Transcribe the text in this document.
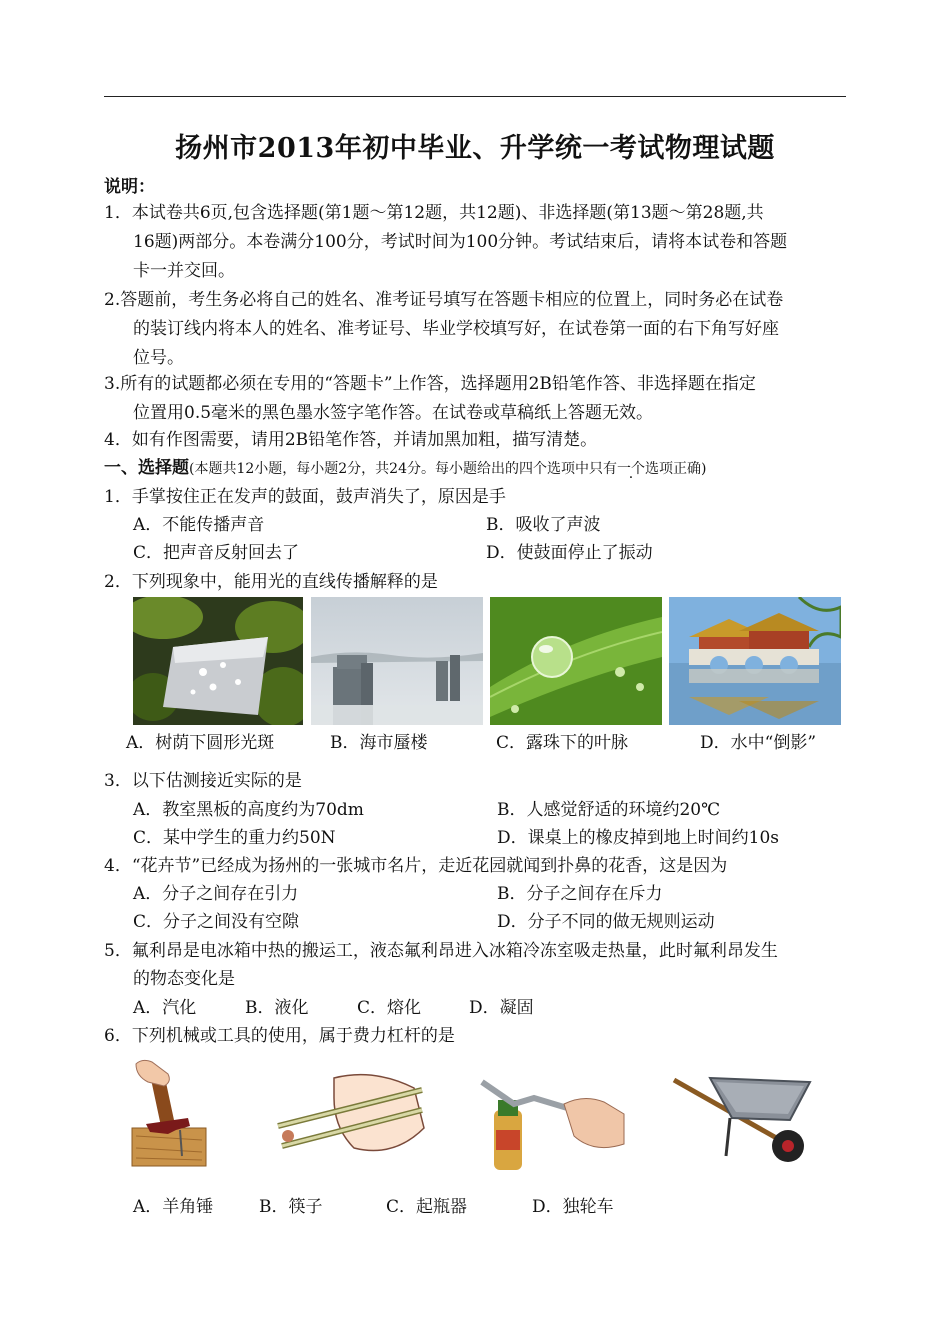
扬州市2013年初中毕业、升学统一考试物理试题
说明：
1．本试卷共6页,包含选择题(第1题～第12题，共12题)、非选择题(第13题～第28题,共
16题)两部分。本卷满分100分，考试时间为100分钟。考试结束后，请将本试卷和答题
卡一并交回。
2.答题前，考生务必将自己的姓名、准考证号填写在答题卡相应的位置上，同时务必在试卷
的装订线内将本人的姓名、准考证号、毕业学校填写好，在试卷第一面的右下角写好座
位号。
3.所有的试题都必须在专用的“答题卡”上作答，选择题用2B铅笔作答、非选择题在指定
位置用0.5毫米的黑色墨水签字笔作答。在试卷或草稿纸上答题无效。
4．如有作图需要，请用2B铅笔作答，并请加黑加粗，描写清楚。
一、选择题(本题共12小题，每小题2分，共24分。每小题给出的四个选项中只有一个选项正确)
1．手掌按住正在发声的鼓面，鼓声消失了，原因是手
A．不能传播声音	B．吸收了声波
C．把声音反射回去了	D．使鼓面停止了振动
2．下列现象中，能用光的直线传播解释的是
A．树荫下圆形光斑	B．海市蜃楼	C．露珠下的叶脉	D．水中“倒影”
3．以下估测接近实际的是
A．教室黑板的高度约为70dm	B．人感觉舒适的环境约20℃
C．某中学生的重力约50N	D．课桌上的橡皮掉到地上时间约10s
4．“花卉节”已经成为扬州的一张城市名片，走近花园就闻到扑鼻的花香，这是因为
A．分子之间存在引力	B．分子之间存在斥力
C．分子之间没有空隙	D．分子不同的做无规则运动
5．氟利昂是电冰箱中热的搬运工，液态氟利昂进入冰箱冷冻室吸走热量，此时氟利昂发生
的物态变化是
A．汽化	B．液化	C．熔化	D．凝固
6．下列机械或工具的使用，属于费力杠杆的是
A．羊角锤	B．筷子	C．起瓶器	D．独轮车
